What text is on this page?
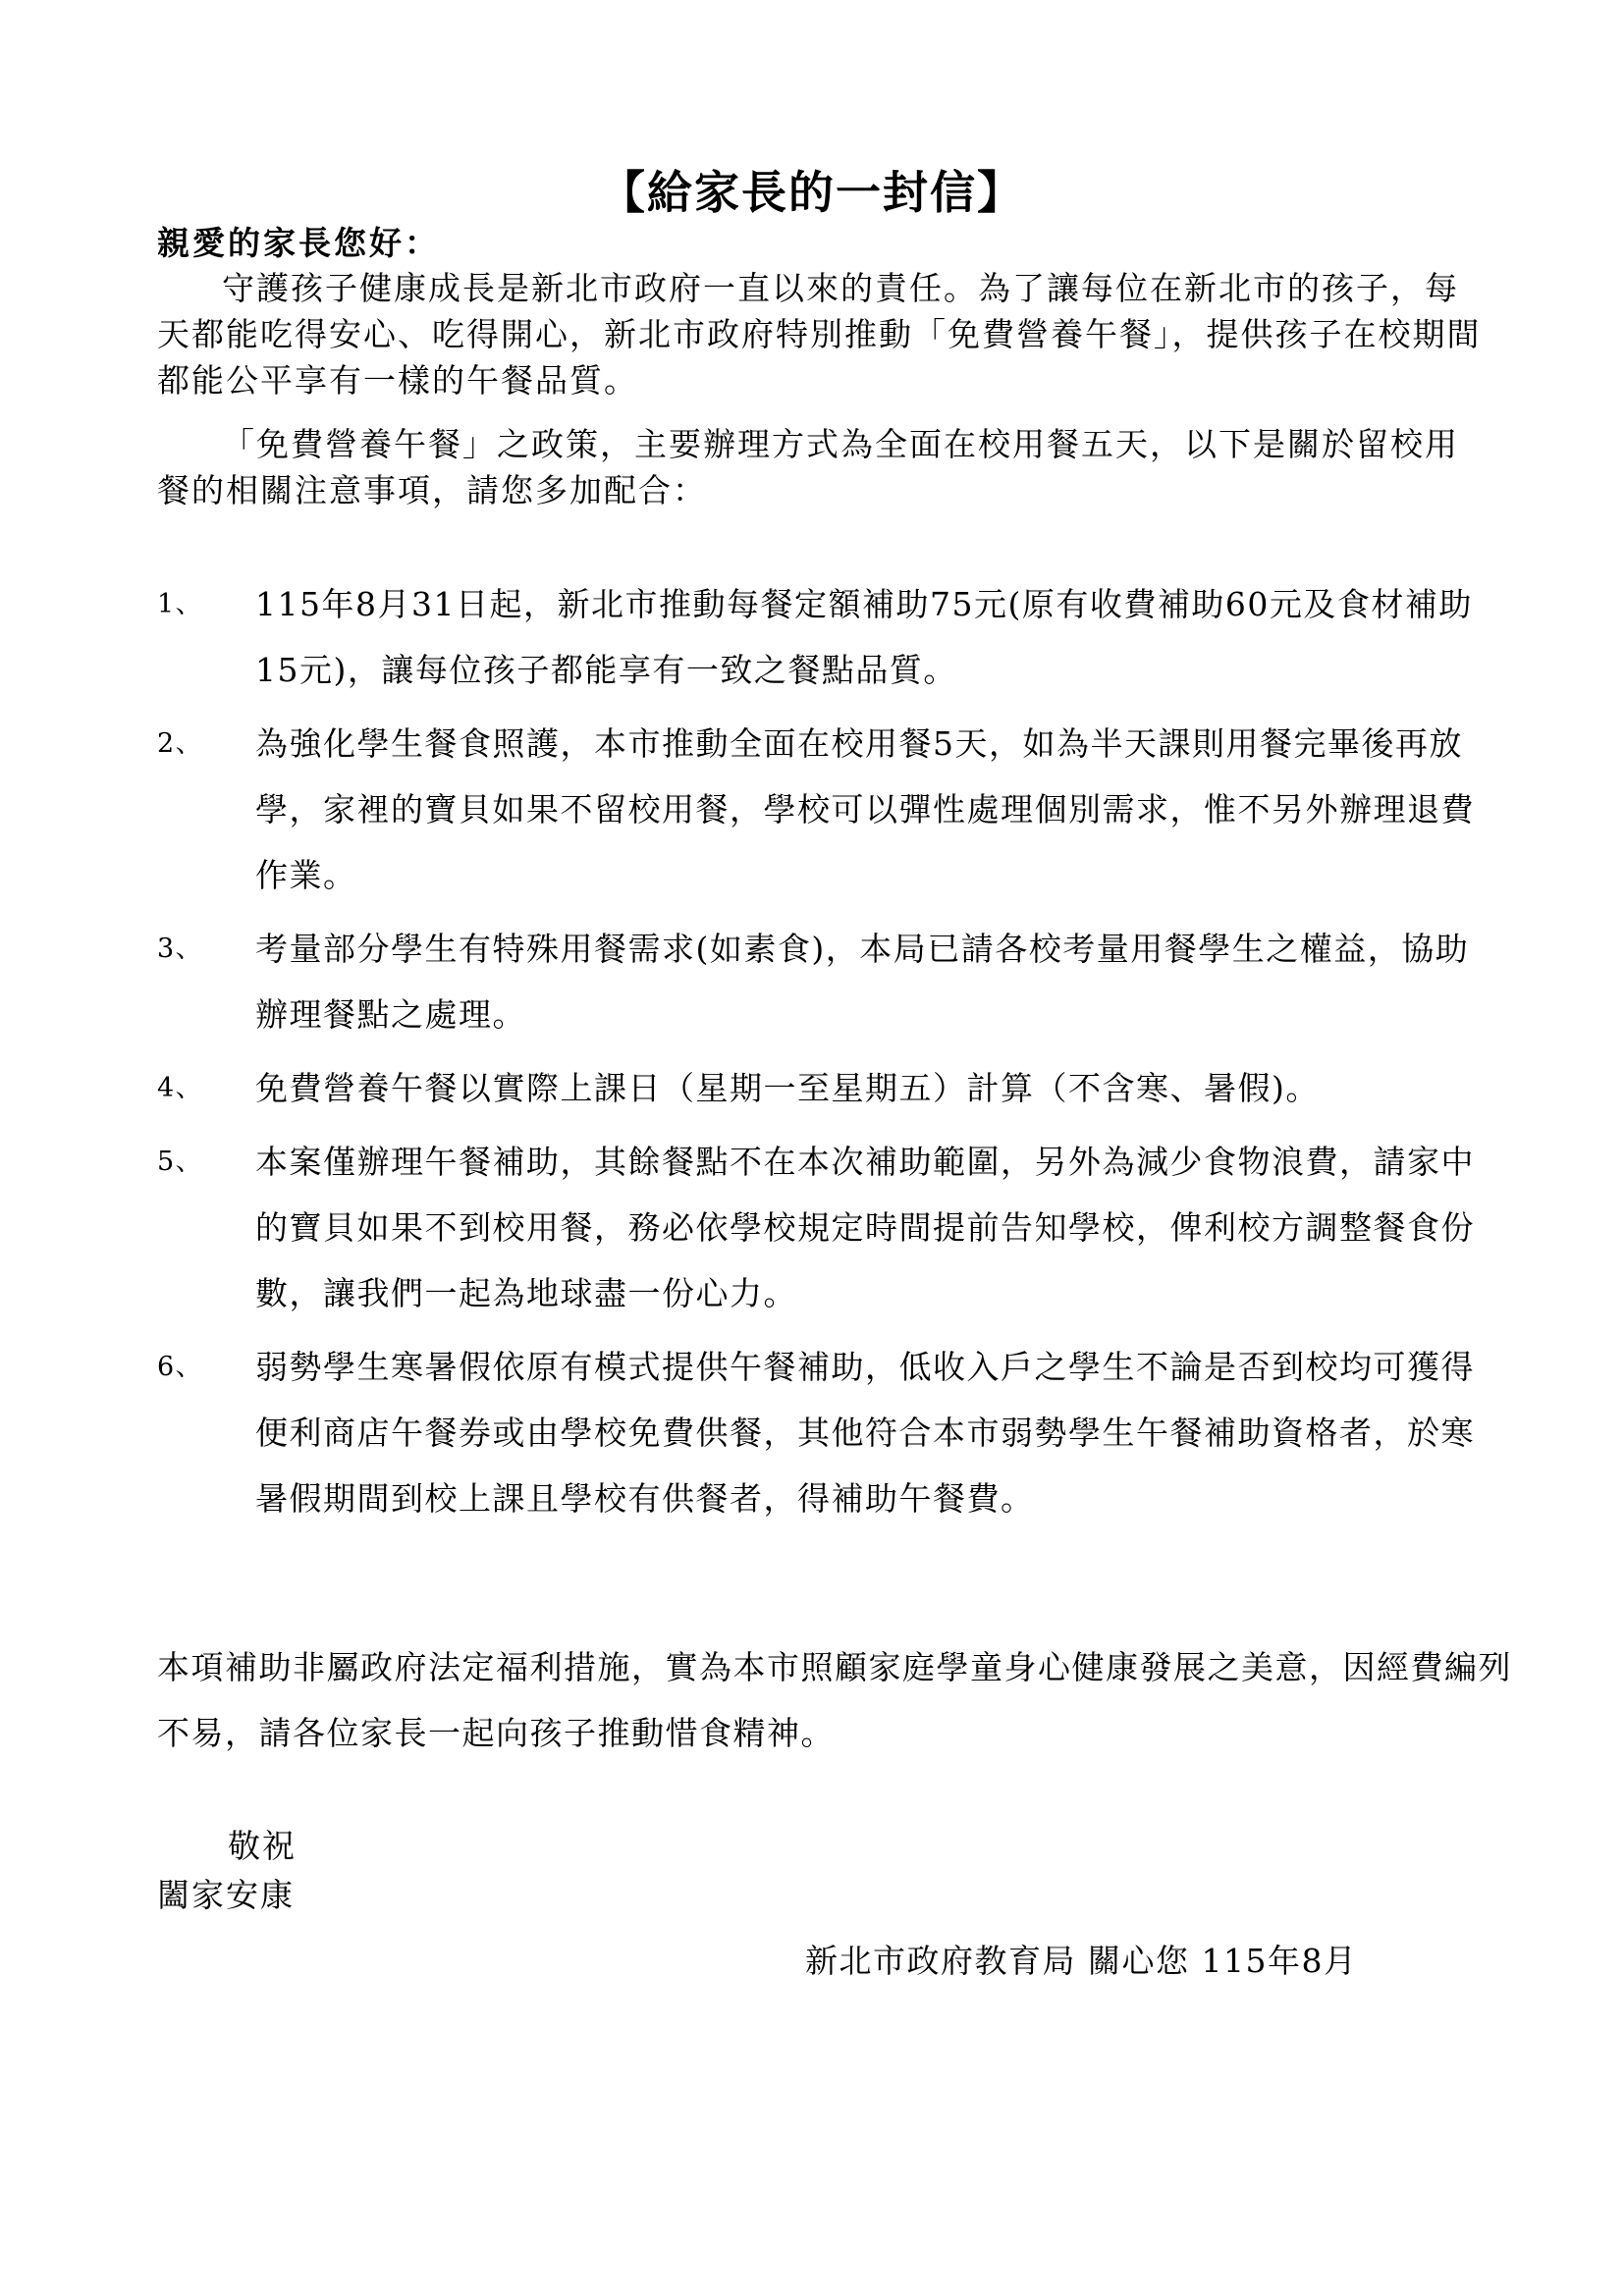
【給家長的一封信】
親愛的家長您好：

守護孩子健康成長是新北市政府一直以來的責任。為了讓每位在新北市的孩子，每天都能吃得安心、吃得開心，新北市政府特別推動「免費營養午餐」，提供孩子在校期間都能公平享有一樣的午餐品質。

「免費營養午餐」之政策，主要辦理方式為全面在校用餐五天，以下是關於留校用餐的相關注意事項，請您多加配合：

1、	115年8月31日起，新北市推動每餐定額補助75元(原有收費補助60元及食材補助15元)，讓每位孩子都能享有一致之餐點品質。
2、	為強化學生餐食照護，本市推動全面在校用餐5天，如為半天課則用餐完畢後再放學，家裡的寶貝如果不留校用餐，學校可以彈性處理個別需求，惟不另外辦理退費作業。
3、	考量部分學生有特殊用餐需求(如素食)，本局已請各校考量用餐學生之權益，協助辦理餐點之處理。
4、	免費營養午餐以實際上課日（星期一至星期五）計算（不含寒、暑假)。
5、	本案僅辦理午餐補助，其餘餐點不在本次補助範圍，另外為減少食物浪費，請家中的寶貝如果不到校用餐，務必依學校規定時間提前告知學校，俾利校方調整餐食份數，讓我們一起為地球盡一份心力。
6、	弱勢學生寒暑假依原有模式提供午餐補助，低收入戶之學生不論是否到校均可獲得便利商店午餐券或由學校免費供餐，其他符合本市弱勢學生午餐補助資格者，於寒暑假期間到校上課且學校有供餐者，得補助午餐費。
本項補助非屬政府法定福利措施，實為本市照顧家庭學童身心健康發展之美意，因經費編列不易，請各位家長一起向孩子推動惜食精神。
敬祝
闔家安康
新北市政府教育局 關心您 115年8月
